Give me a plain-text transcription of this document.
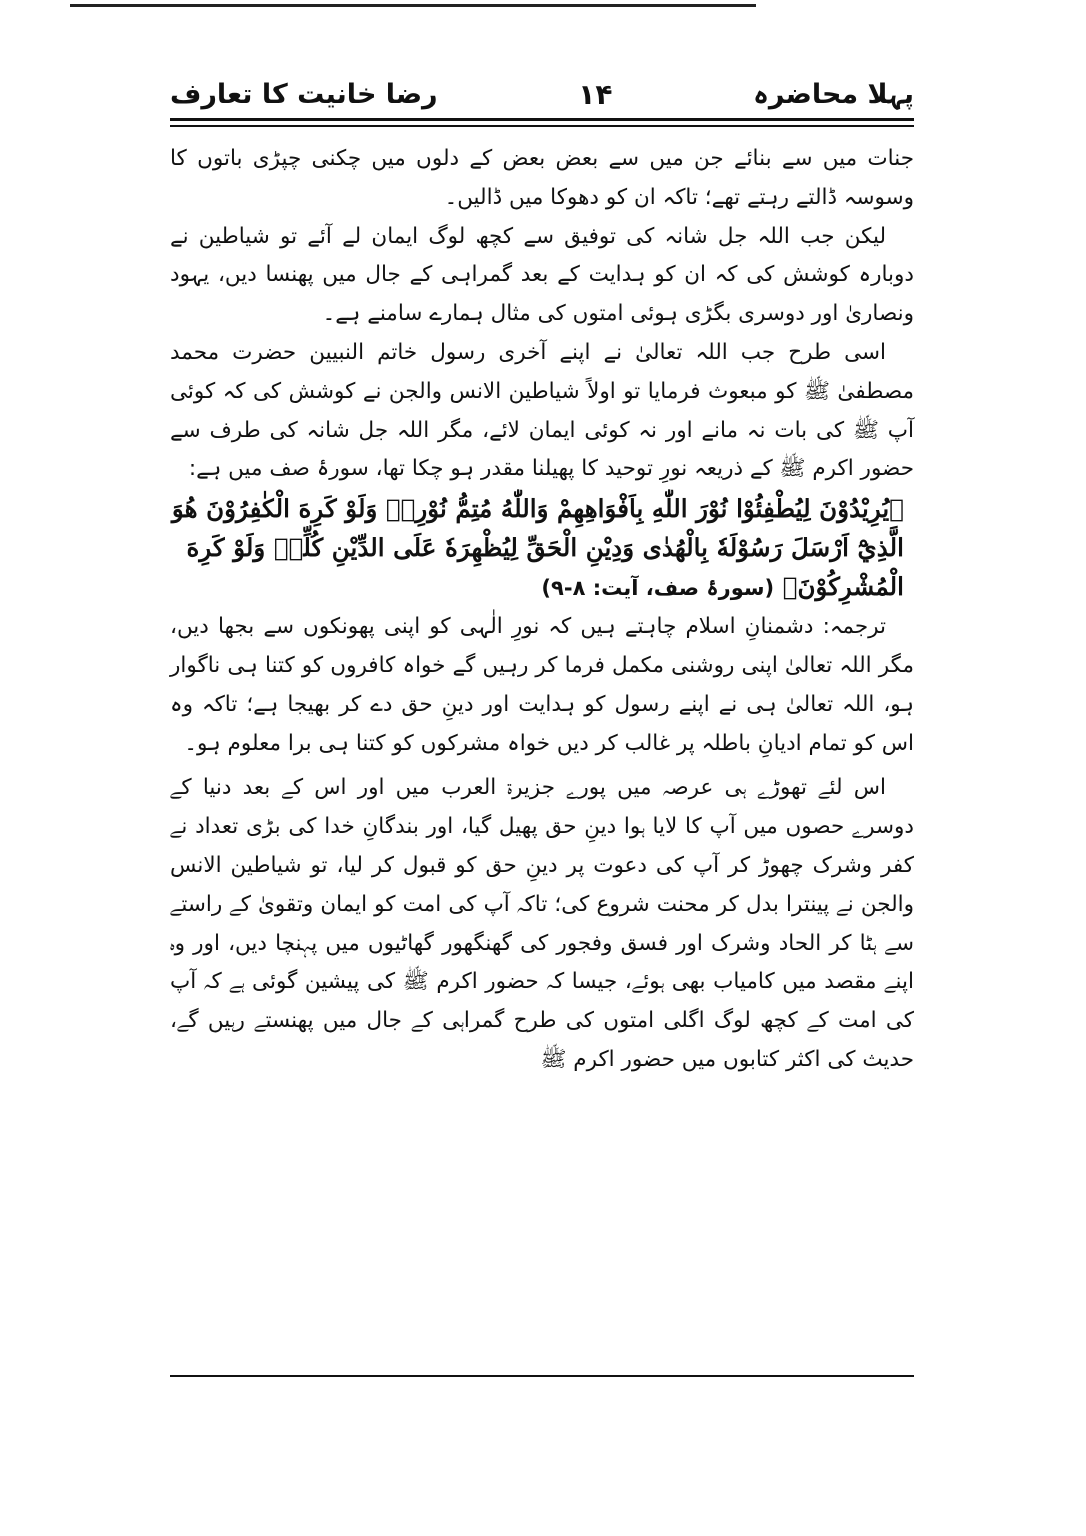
رضا خانیت کا تعارف	۱۴	پہلا محاضرہ

جنات میں سے بنائے جن میں سے بعض بعض کے دلوں میں چکنی چپڑی باتوں کا وسوسہ ڈالتے رہتے تھے؛ تاکہ ان کو دھوکا میں ڈالیں۔

لیکن جب اللہ جل شانہ کی توفیق سے کچھ لوگ ایمان لے آئے تو شیاطین نے دوبارہ کوشش کی کہ ان کو ہدایت کے بعد گمراہی کے جال میں پھنسا دیں، یہود ونصاریٰ اور دوسری بگڑی ہوئی امتوں کی مثال ہمارے سامنے ہے۔

اسی طرح جب اللہ تعالیٰ نے اپنے آخری رسول خاتم النبیین حضرت محمد مصطفیٰ ﷺ کو مبعوث فرمایا تو اولاً شیاطین الانس والجن نے کوشش کی کہ کوئی آپ ﷺ کی بات نہ مانے اور نہ کوئی ایمان لائے، مگر اللہ جل شانہ کی طرف سے حضور اکرم ﷺ کے ذریعہ نورِ توحید کا پھیلنا مقدر ہو چکا تھا، سورۂ صف میں ہے:

﴿يُرِيْدُوْنَ لِيُطْفِئُوْا نُوْرَ اللّٰهِ بِاَفْوَاهِهِمْ وَاللّٰهُ مُتِمُّ نُوْرِهٖ وَلَوْ كَرِهَ الْكٰفِرُوْنَ هُوَ الَّذِيْٓ اَرْسَلَ رَسُوْلَهٗ بِالْهُدٰى وَدِيْنِ الْحَقِّ لِيُظْهِرَهٗ عَلَى الدِّيْنِ كُلِّهٖ وَلَوْ كَرِهَ الْمُشْرِكُوْنَ﴾ (سورۂ صف، آیت: ۸-۹)

ترجمہ: دشمنانِ اسلام چاہتے ہیں کہ نورِ الٰہی کو اپنی پھونکوں سے بجھا دیں، مگر اللہ تعالیٰ اپنی روشنی مکمل فرما کر رہیں گے خواہ کافروں کو کتنا ہی ناگوار ہو، اللہ تعالیٰ ہی نے اپنے رسول کو ہدایت اور دینِ حق دے کر بھیجا ہے؛ تاکہ وہ اس کو تمام ادیانِ باطلہ پر غالب کر دیں خواہ مشرکوں کو کتنا ہی برا معلوم ہو۔

اس لئے تھوڑے ہی عرصہ میں پورے جزیرۃ العرب میں اور اس کے بعد دنیا کے دوسرے حصوں میں آپ کا لایا ہوا دینِ حق پھیل گیا، اور بندگانِ خدا کی بڑی تعداد نے کفر وشرک چھوڑ کر آپ کی دعوت پر دینِ حق کو قبول کر لیا، تو شیاطین الانس والجن نے پینترا بدل کر محنت شروع کی؛ تاکہ آپ کی امت کو ایمان وتقویٰ کے راستے سے ہٹا کر الحاد وشرک اور فسق وفجور کی گھنگھور گھاٹیوں میں پہنچا دیں، اور وہ اپنے مقصد میں کامیاب بھی ہوئے، جیسا کہ حضور اکرم ﷺ کی پیشین گوئی ہے کہ آپ کی امت کے کچھ لوگ اگلی امتوں کی طرح گمراہی کے جال میں پھنستے رہیں گے، حدیث کی اکثر کتابوں میں حضور اکرم ﷺ
